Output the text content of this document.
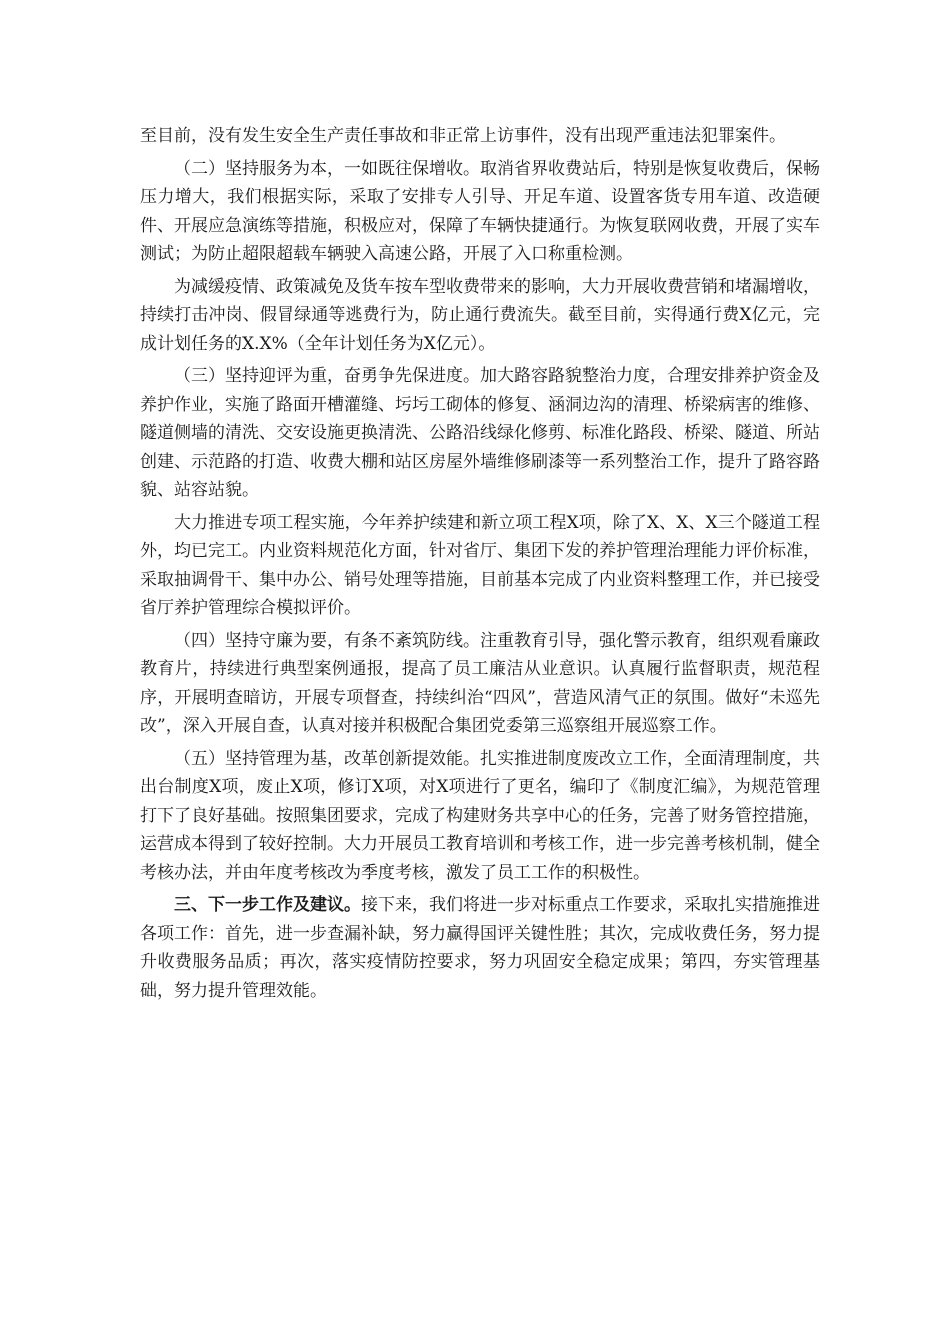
至目前，没有发生安全生产责任事故和非正常上访事件，没有出现严重违法犯罪案件。

（二）坚持服务为本，一如既往保增收。取消省界收费站后，特别是恢复收费后，保畅压力增大，我们根据实际，采取了安排专人引导、开足车道、设置客货专用车道、改造硬件、开展应急演练等措施，积极应对，保障了车辆快捷通行。为恢复联网收费，开展了实车测试；为防止超限超载车辆驶入高速公路，开展了入口称重检测。

为减缓疫情、政策减免及货车按车型收费带来的影响，大力开展收费营销和堵漏增收，持续打击冲岗、假冒绿通等逃费行为，防止通行费流失。截至目前，实得通行费X亿元，完成计划任务的X.X%（全年计划任务为X亿元）。

（三）坚持迎评为重，奋勇争先保进度。加大路容路貌整治力度，合理安排养护资金及养护作业，实施了路面开槽灌缝、圬圬工砌体的修复、涵洞边沟的清理、桥梁病害的维修、隧道侧墙的清洗、交安设施更换清洗、公路沿线绿化修剪、标准化路段、桥梁、隧道、所站创建、示范路的打造、收费大棚和站区房屋外墙维修刷漆等一系列整治工作，提升了路容路貌、站容站貌。

大力推进专项工程实施，今年养护续建和新立项工程X项，除了X、X、X三个隧道工程外，均已完工。内业资料规范化方面，针对省厅、集团下发的养护管理治理能力评价标准，采取抽调骨干、集中办公、销号处理等措施，目前基本完成了内业资料整理工作，并已接受省厅养护管理综合模拟评价。

（四）坚持守廉为要，有条不紊筑防线。注重教育引导，强化警示教育，组织观看廉政教育片，持续进行典型案例通报，提高了员工廉洁从业意识。认真履行监督职责，规范程序，开展明查暗访，开展专项督查，持续纠治“四风”，营造风清气正的氛围。做好“未巡先改”，深入开展自查，认真对接并积极配合集团党委第三巡察组开展巡察工作。

（五）坚持管理为基，改革创新提效能。扎实推进制度废改立工作，全面清理制度，共出台制度X项，废止X项，修订X项，对X项进行了更名，编印了《制度汇编》，为规范管理打下了良好基础。按照集团要求，完成了构建财务共享中心的任务，完善了财务管控措施，运营成本得到了较好控制。大力开展员工教育培训和考核工作，进一步完善考核机制，健全考核办法，并由年度考核改为季度考核，激发了员工工作的积极性。

三、下一步工作及建议。接下来，我们将进一步对标重点工作要求，采取扎实措施推进各项工作：首先，进一步查漏补缺，努力赢得国评关键性胜；其次，完成收费任务，努力提升收费服务品质；再次，落实疫情防控要求，努力巩固安全稳定成果；第四，夯实管理基础，努力提升管理效能。
